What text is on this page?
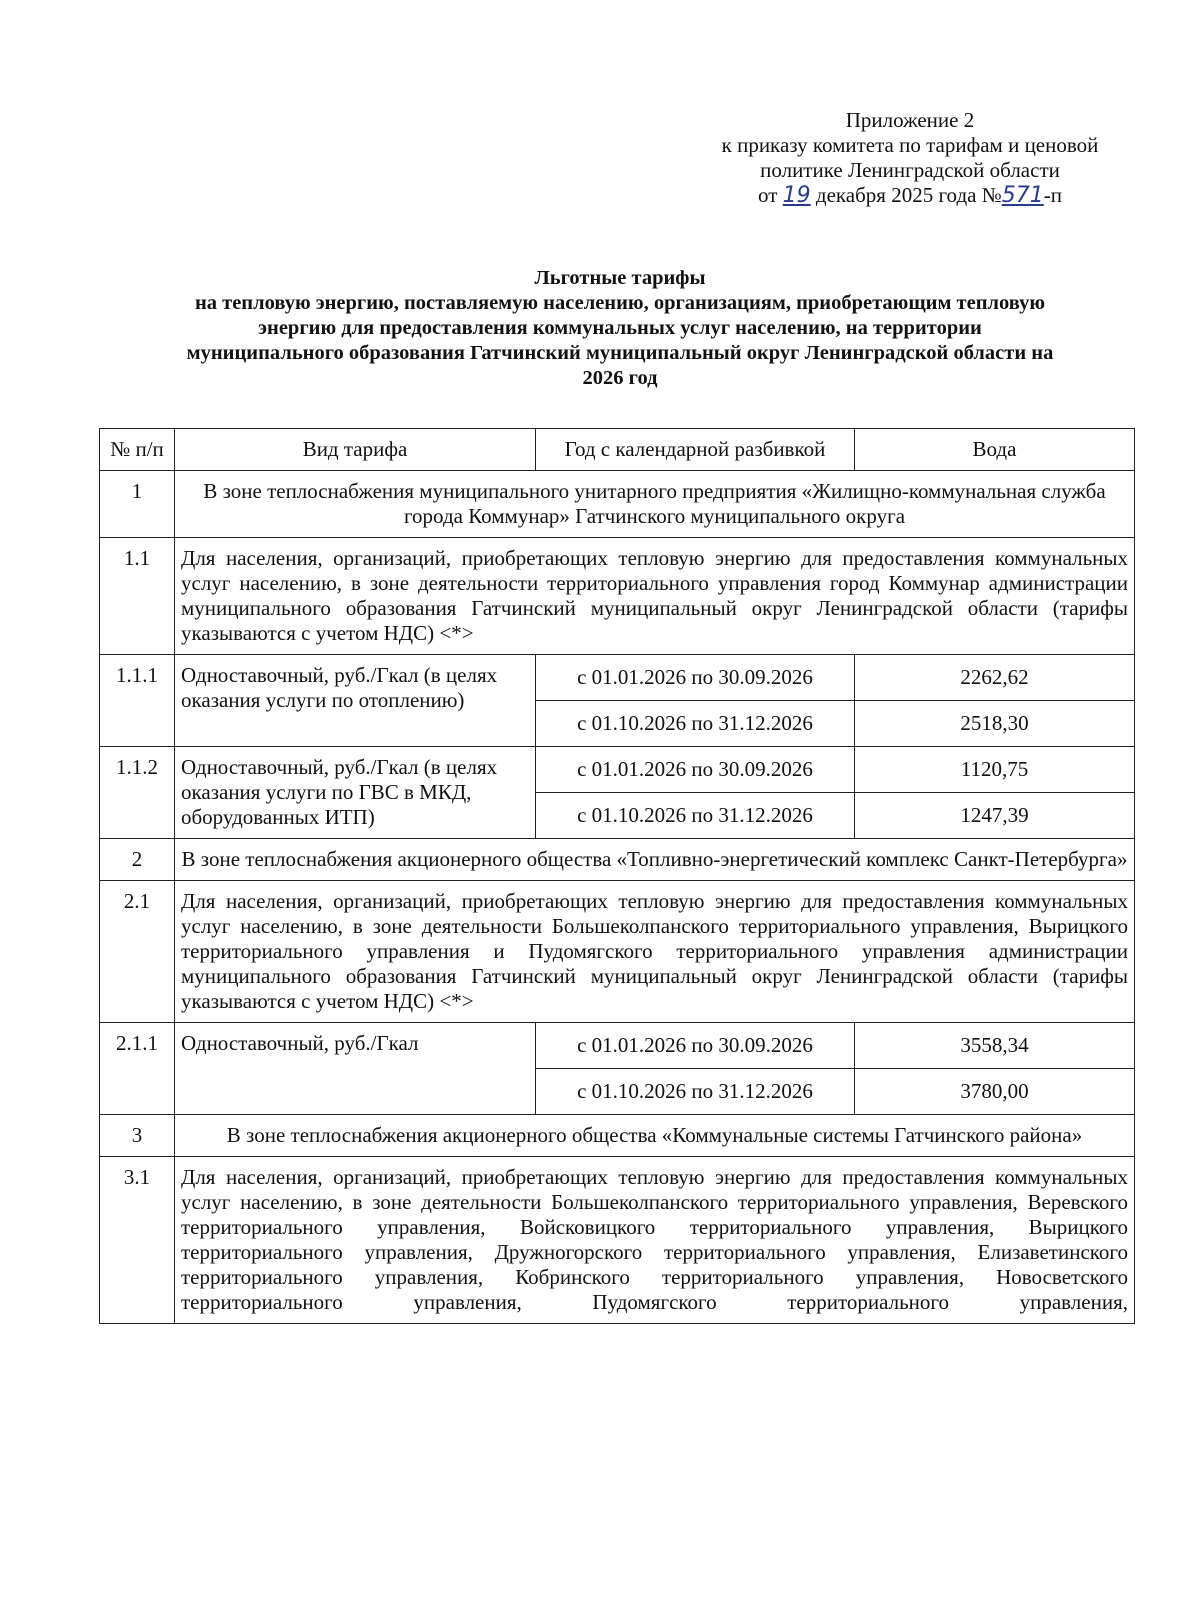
Приложение 2
к приказу комитета по тарифам и ценовой
политике Ленинградской области
от 19 декабря 2025 года №571-п
Льготные тарифы
на тепловую энергию, поставляемую населению, организациям, приобретающим тепловую
энергию для предоставления коммунальных услуг населению, на территории
муниципального образования Гатчинский муниципальный округ Ленинградской области на
2026 год
№ п/п	Вид тарифа	Год с календарной разбивкой	Вода
1	В зоне теплоснабжения муниципального унитарного предприятия «Жилищно-коммунальная служба города Коммунар» Гатчинского муниципального округа		
1.1	Для населения, организаций, приобретающих тепловую энергию для предоставления коммунальных услуг населению, в зоне деятельности территориального управления город Коммунар администрации муниципального образования Гатчинский муниципальный округ Ленинградской области (тарифы указываются с учетом НДС) <*>		
1.1.1	Одноставочный, руб./Гкал (в целях оказания услуги по отоплению)	с 01.01.2026 по 30.09.2026	2262,62
		с 01.10.2026 по 31.12.2026	2518,30
1.1.2	Одноставочный, руб./Гкал (в целях оказания услуги по ГВС в МКД, оборудованных ИТП)	с 01.01.2026 по 30.09.2026	1120,75
		с 01.10.2026 по 31.12.2026	1247,39
2	В зоне теплоснабжения акционерного общества «Топливно-энергетический комплекс Санкт-Петербурга»		
2.1	Для населения, организаций, приобретающих тепловую энергию для предоставления коммунальных услуг населению, в зоне деятельности Большеколпанского территориального управления, Вырицкого территориального управления и Пудомягского территориального управления администрации муниципального образования Гатчинский муниципальный округ Ленинградской области (тарифы указываются с учетом НДС) <*>		
2.1.1	Одноставочный, руб./Гкал	с 01.01.2026 по 30.09.2026	3558,34
		с 01.10.2026 по 31.12.2026	3780,00
3	В зоне теплоснабжения акционерного общества «Коммунальные системы Гатчинского района»		
3.1	Для населения, организаций, приобретающих тепловую энергию для предоставления коммунальных услуг населению, в зоне деятельности Большеколпанского территориального управления, Веревского территориального управления, Войсковицкого территориального управления, Вырицкого территориального управления, Дружногорского территориального управления, Елизаветинского территориального управления, Кобринского территориального управления, Новосветского территориального управления, Пудомягского территориального управления,		
